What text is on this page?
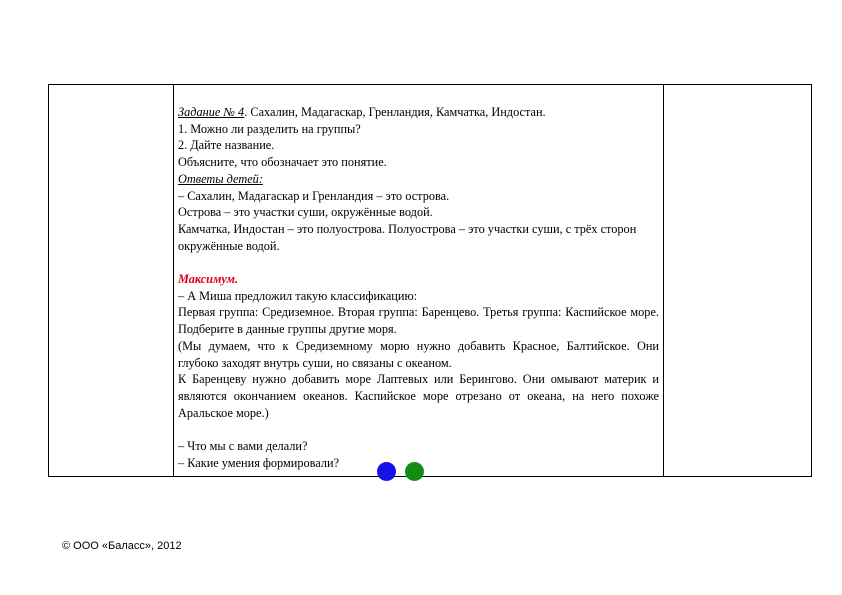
Задание № 4. Сахалин, Мадагаскар, Гренландия, Камчатка, Индостан.

1. Можно ли разделить на группы?

2. Дайте название.

Объясните, что обозначает это понятие.

Ответы детей:

– Сахалин, Мадагаскар и Гренландия – это острова.

Острова – это участки суши, окружённые водой.

Камчатка, Индостан – это полуострова. Полуострова – это участки суши, с трёх сторон окружённые водой.

Максимум.

– А Миша предложил такую классификацию:

Первая группа: Средиземное. Вторая группа: Баренцево. Третья группа: Каспийское море. Подберите в данные группы другие моря.

(Мы думаем, что к Средиземному морю нужно добавить Красное, Балтийское. Они глубоко заходят внутрь суши, но связаны с океаном.

К Баренцеву нужно добавить море Лаптевых или Берингово. Они омывают материк и являются окончанием океанов. Каспийское море отрезано от океана, на него похоже Аральское море.)

– Что мы с вами делали?

– Какие умения формировали?

© ООО «Баласс», 2012
